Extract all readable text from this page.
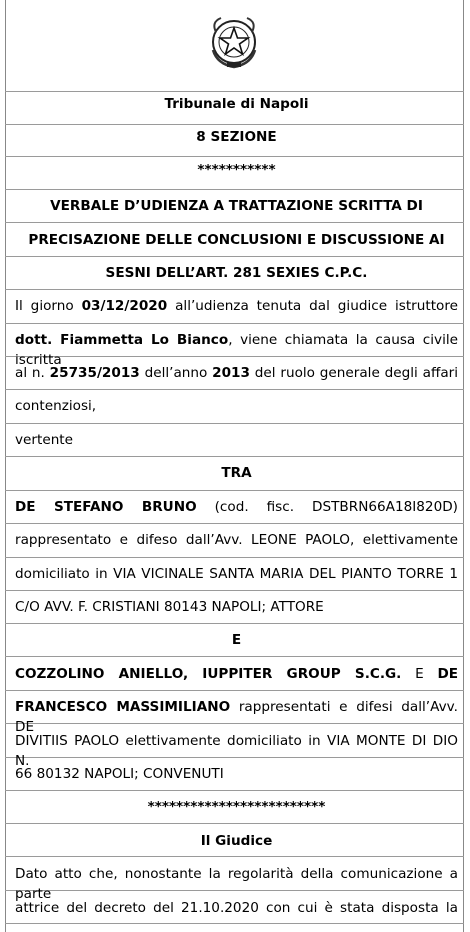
Tribunale di Napoli
8 SEZIONE
***********
VERBALE D’UDIENZA A TRATTAZIONE SCRITTA DI
PRECISAZIONE DELLE CONCLUSIONI E DISCUSSIONE AI
SESNI DELL’ART. 281 SEXIES C.P.C.
Il giorno 03/12/2020 all’udienza tenuta dal giudice istruttore
dott. Fiammetta Lo Bianco, viene chiamata la causa civile iscritta
al n. 25735/2013 dell’anno 2013 del ruolo generale degli affari
contenziosi,
vertente
TRA
DE STEFANO BRUNO (cod. fisc. DSTBRN66A18I820D)
rappresentato e difeso dall’Avv. LEONE PAOLO, elettivamente
domiciliato in VIA VICINALE SANTA MARIA DEL PIANTO TORRE 1
C/O AVV. F. CRISTIANI 80143 NAPOLI; ATTORE
E
COZZOLINO ANIELLO, IUPPITER GROUP S.C.G. E DE
FRANCESCO MASSIMILIANO rappresentati e difesi dall’Avv. DE
DIVITIIS PAOLO elettivamente domiciliato in VIA MONTE DI DIO N.
66 80132 NAPOLI; CONVENUTI
*************************
Il Giudice
Dato atto che, nonostante la regolarità della comunicazione a parte
attrice del decreto del 21.10.2020 con cui è stata disposta la
